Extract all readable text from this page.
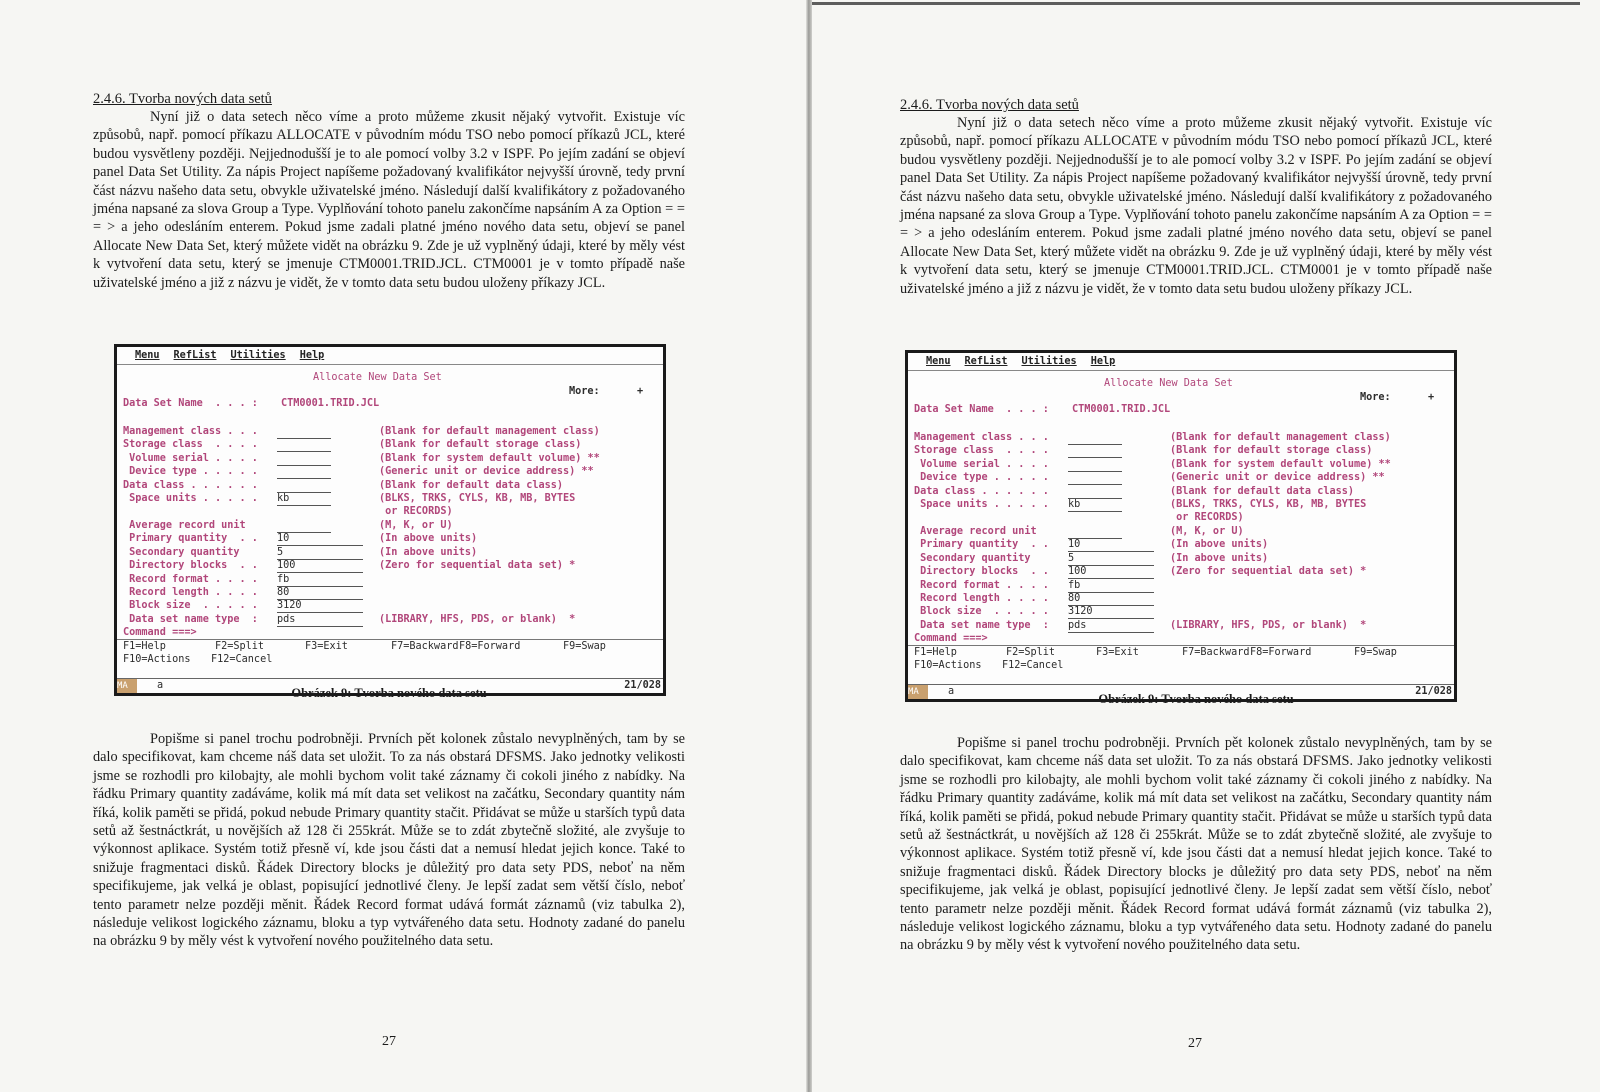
2.4.6. Tvorba nových data setů

Nyní již o data setech něco víme a proto můžeme zkusit nějaký vytvořit. Existuje víc způsobů, např. pomocí příkazu ALLOCATE v původním módu TSO nebo pomocí příkazů JCL, které budou vysvětleny později. Nejjednodušší je to ale pomocí volby 3.2 v ISPF. Po jejím zadání se objeví panel Data Set Utility. Za nápis Project napíšeme požadovaný kvalifikátor nejvyšší úrovně, tedy první část názvu našeho data setu, obvykle uživatelské jméno. Následují další kvalifikátory z požadovaného jména napsané za slova Group a Type. Vyplňování tohoto panelu zakončíme napsáním A za Option = = = > a jeho odesláním enterem. Pokud jsme zadali platné jméno nového data setu, objeví se panel Allocate New Data Set, který můžete vidět na obrázku 9. Zde je už vyplněný údaji, které by měly vést k vytvoření data setu, který se jmenuje CTM0001.TRID.JCL. CTM0001 je v tomto případě naše uživatelské jméno a již z názvu je vidět, že v tomto data setu budou uloženy příkazy JCL.

Menu RefList Utilities Help
Allocate New Data Set
More:	+
Data Set Name  . . . : CTM0001.TRID.JCL
Management class . . .	(Blank for default management class)
Storage class  . . . .	(Blank for default storage class)
Volume serial . . . .	(Blank for system default volume) **
Device type . . . . .	(Generic unit or device address) **
Data class . . . . . .	(Blank for default data class)
Space units . . . . . kb	(BLKS, TRKS, CYLS, KB, MB, BYTES
or RECORDS)
Average record unit	(M, K, or U)
Primary quantity  . . 10	(In above units)
Secondary quantity	5	(In above units)
Directory blocks  . . 100	(Zero for sequential data set) *
Record format . . . . fb
Record length . . . . 80
Block size  . . . . . 3120
Data set name type  : pds	(LIBRARY, HFS, PDS, or blank)  *
Command ===>
F1=Help	F2=Split	F3=Exit	F7=Backward F8=Forward	F9=Swap
F10=Actions F12=Cancel
MA	a	21/028

Obrázek 9: Tvorba nového data setu

Popišme si panel trochu podrobněji. Prvních pět kolonek zůstalo nevyplněných, tam by se dalo specifikovat, kam chceme náš data set uložit. To za nás obstará DFSMS. Jako jednotky velikosti jsme se rozhodli pro kilobajty, ale mohli bychom volit také záznamy či cokoli jiného z nabídky. Na řádku Primary quantity zadáváme, kolik má mít data set velikost na začátku, Secondary quantity nám říká, kolik paměti se přidá, pokud nebude Primary quantity stačit. Přidávat se může u starších typů data setů až šestnáctkrát, u novějších až 128 či 255krát. Může se to zdát zbytečně složité, ale zvyšuje to výkonnost aplikace. Systém totiž přesně ví, kde jsou části dat a nemusí hledat jejich konce. Také to snižuje fragmentaci disků. Řádek Directory blocks je důležitý pro data sety PDS, neboť na něm specifikujeme, jak velká je oblast, popisující jednotlivé členy. Je lepší zadat sem větší číslo, neboť tento parametr nelze později měnit. Řádek Record format udává formát záznamů (viz tabulka 2), následuje velikost logického záznamu, bloku a typ vytvářeného data setu. Hodnoty zadané do panelu na obrázku 9 by měly vést k vytvoření nového použitelného data setu.

27

2.4.6. Tvorba nových data setů

Nyní již o data setech něco víme a proto můžeme zkusit nějaký vytvořit. Existuje víc způsobů, např. pomocí příkazu ALLOCATE v původním módu TSO nebo pomocí příkazů JCL, které budou vysvětleny později. Nejjednodušší je to ale pomocí volby 3.2 v ISPF. Po jejím zadání se objeví panel Data Set Utility. Za nápis Project napíšeme požadovaný kvalifikátor nejvyšší úrovně, tedy první část názvu našeho data setu, obvykle uživatelské jméno. Následují další kvalifikátory z požadovaného jména napsané za slova Group a Type. Vyplňování tohoto panelu zakončíme napsáním A za Option = = = > a jeho odesláním enterem. Pokud jsme zadali platné jméno nového data setu, objeví se panel Allocate New Data Set, který můžete vidět na obrázku 9. Zde je už vyplněný údaji, které by měly vést k vytvoření data setu, který se jmenuje CTM0001.TRID.JCL. CTM0001 je v tomto případě naše uživatelské jméno a již z názvu je vidět, že v tomto data setu budou uloženy příkazy JCL.

Menu RefList Utilities Help
Allocate New Data Set
More:	+
Data Set Name  . . . : CTM0001.TRID.JCL
Management class . . .	(Blank for default management class)
Storage class  . . . .	(Blank for default storage class)
Volume serial . . . .	(Blank for system default volume) **
Device type . . . . .	(Generic unit or device address) **
Data class . . . . . .	(Blank for default data class)
Space units . . . . . kb	(BLKS, TRKS, CYLS, KB, MB, BYTES
or RECORDS)
Average record unit	(M, K, or U)
Primary quantity  . . 10	(In above units)
Secondary quantity	5	(In above units)
Directory blocks  . . 100	(Zero for sequential data set) *
Record format . . . . fb
Record length . . . . 80
Block size  . . . . . 3120
Data set name type  : pds	(LIBRARY, HFS, PDS, or blank)  *
Command ===>
F1=Help	F2=Split	F3=Exit	F7=Backward F8=Forward	F9=Swap
F10=Actions F12=Cancel
MA	a	21/028

Obrázek 9: Tvorba nového data setu

Popišme si panel trochu podrobněji. Prvních pět kolonek zůstalo nevyplněných, tam by se dalo specifikovat, kam chceme náš data set uložit. To za nás obstará DFSMS. Jako jednotky velikosti jsme se rozhodli pro kilobajty, ale mohli bychom volit také záznamy či cokoli jiného z nabídky. Na řádku Primary quantity zadáváme, kolik má mít data set velikost na začátku, Secondary quantity nám říká, kolik paměti se přidá, pokud nebude Primary quantity stačit. Přidávat se může u starších typů data setů až šestnáctkrát, u novějších až 128 či 255krát. Může se to zdát zbytečně složité, ale zvyšuje to výkonnost aplikace. Systém totiž přesně ví, kde jsou části dat a nemusí hledat jejich konce. Také to snižuje fragmentaci disků. Řádek Directory blocks je důležitý pro data sety PDS, neboť na něm specifikujeme, jak velká je oblast, popisující jednotlivé členy. Je lepší zadat sem větší číslo, neboť tento parametr nelze později měnit. Řádek Record format udává formát záznamů (viz tabulka 2), následuje velikost logického záznamu, bloku a typ vytvářeného data setu. Hodnoty zadané do panelu na obrázku 9 by měly vést k vytvoření nového použitelného data setu.

27
